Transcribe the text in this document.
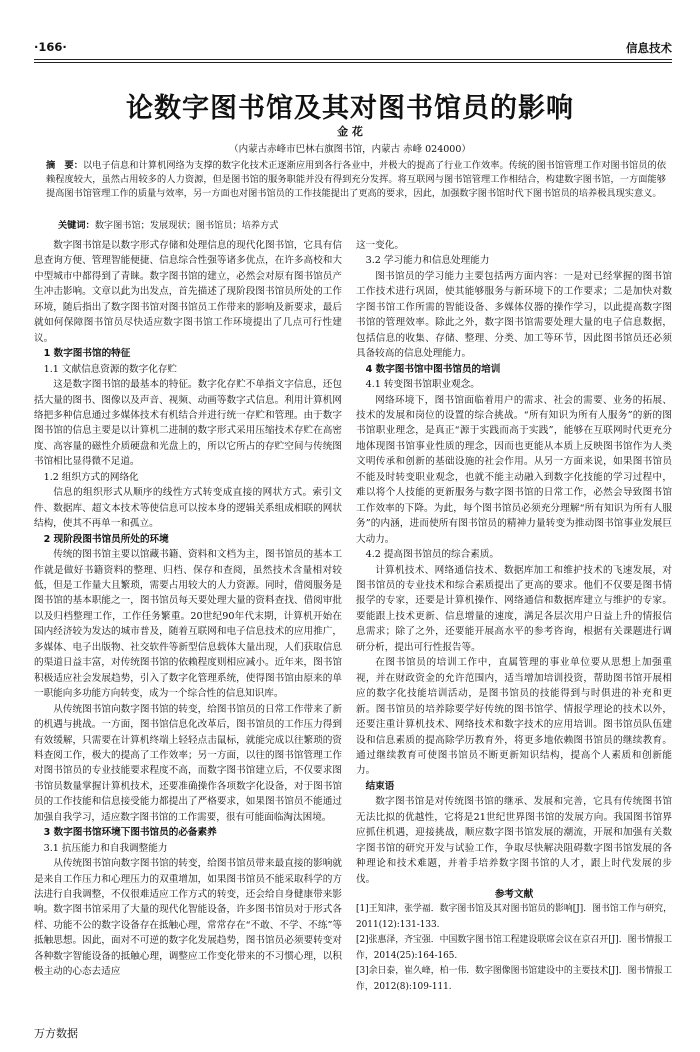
·166·	信息技术
论数字图书馆及其对图书馆员的影响
金 花
（内蒙古赤峰市巴林右旗图书馆，内蒙古 赤峰 024000）
摘　要：以电子信息和计算机网络为支撑的数字化技术正逐渐应用到各行各业中，并极大的提高了行业工作效率。传统的图书馆管理工作对图书馆员的依赖程度较大，虽然占用较多的人力资源，但是图书馆的服务职能并没有得到充分发挥。将互联网与图书馆管理工作相结合，构建数字图书馆，一方面能够提高图书馆管理工作的质量与效率，另一方面也对图书馆员的工作技能提出了更高的要求，因此，加强数字图书馆时代下图书馆员的培养极具现实意义。
关键词：数字图书馆；发展现状；图书馆员；培养方式

数字图书馆是以数字形式存储和处理信息的现代化图书馆，它具有信息查询方便、管理智能便捷、信息综合性强等诸多优点，在许多高校和大中型城市中都得到了青睐。数字图书馆的建立，必然会对原有图书馆员产生冲击影响。文章以此为出发点，首先描述了现阶段图书馆员所处的工作环境，随后指出了数字图书馆对图书馆员工作带来的影响及新要求，最后就如何保障图书馆员尽快适应数字图书馆工作环境提出了几点可行性建议。

1 数字图书馆的特征

1.1 文献信息资源的数字化存贮

这是数字图书馆的最基本的特征。数字化存贮不单指文字信息，还包括大量的图书、图像以及声音、视频、动画等数字式信息。利用计算机网络把多种信息通过多媒体技术有机结合并进行统一存贮和管理。由于数字图书馆的信息主要是以计算机二进制的数字形式采用压缩技术存贮在高密度、高容量的磁性介质硬盘和光盘上的，所以它所占的存贮空间与传统图书馆相比显得微不足道。

1.2 组织方式的网络化

信息的组织形式从顺序的线性方式转变成直接的网状方式。索引文件、数据库、超文本技术等使信息可以按本身的逻辑关系组成相联的网状结构，使其不再单一和孤立。

2 现阶段图书馆员所处的环境

传统的图书馆主要以馆藏书籍、资料和文档为主，图书馆员的基本工作就是做好书籍资料的整理、归档、保存和查阅，虽然技术含量相对较低，但是工作量大且繁琐，需要占用较大的人力资源。同时，借阅服务是图书馆的基本职能之一，图书馆员每天要处理大量的资料查找、借阅审批以及归档整理工作，工作任务繁重。20世纪90年代末期，计算机开始在国内经济较为发达的城市普及，随着互联网和电子信息技术的应用推广，多媒体、电子出版物、社交软件等新型信息载体大量出现，人们获取信息的渠道日益丰富，对传统图书馆的依赖程度则相应减小。近年来，图书馆积极适应社会发展趋势，引入了数字化管理系统，使得图书馆由原来的单一职能向多功能方向转变，成为一个综合性的信息知识库。

从传统图书馆向数字图书馆的转变，给图书馆员的日常工作带来了新的机遇与挑战。一方面，图书馆信息化改革后，图书馆员的工作压力得到有效缓解，只需要在计算机终端上轻轻点击鼠标，就能完成以往繁琐的资料查阅工作，极大的提高了工作效率；另一方面，以往的图书馆管理工作对图书馆员的专业技能要求程度不高，而数字图书馆建立后，不仅要求图书馆员数量掌握计算机技术，还要准确操作各项数字化设备，对于图书馆员的工作技能和信息接受能力都提出了严格要求，如果图书馆员不能通过加强自我学习，适应数字图书馆的工作需要，很有可能面临淘汰困境。

3 数字图书馆环境下图书馆员的必备素养

3.1 抗压能力和自我调整能力

从传统图书馆向数字图书馆的转变，给图书馆员带来最直接的影响就是来自工作压力和心理压力的双重增加，如果图书馆员不能采取科学的方法进行自我调整，不仅很难适应工作方式的转变，还会给自身健康带来影响。数字图书馆采用了大量的现代化智能设备，许多图书馆员对于形式各样、功能不公的数字设备存在抵触心理，常常存在“不敢、不学、不练”等抵触思想。因此，面对不可逆的数字化发展趋势，图书馆员必须要转变对各种数字智能设备的抵触心理，调整应工作变化带来的不习惯心理，以积极主动的心态去适应

这一变化。

3.2 学习能力和信息处理能力

图书馆员的学习能力主要包括两方面内容：一是对已经掌握的图书馆工作技术进行巩固，使其能够服务与新环境下的工作要求；二是加快对数字图书馆工作所需的智能设备、多媒体仪器的操作学习，以此提高数字图书馆的管理效率。除此之外，数字图书馆需要处理大量的电子信息数据，包括信息的收集、存储、整理、分类、加工等环节，因此图书馆员还必须具备较高的信息处理能力。

4 数字图书馆中图书馆员的培训

4.1 转变图书馆职业观念。

网络环境下，图书馆面临着用户的需求、社会的需要、业务的拓展、技术的发展和岗位的设置的综合挑战。“所有知识为所有人服务”的新的图书馆职业理念，是真正“源于实践而高于实践”，能够在互联网时代更充分地体现图书馆事业性质的理念，因而也更能从本质上反映图书馆作为人类文明传承和创新的基础设施的社会作用。从另一方面来说，如果图书馆员不能及时转变职业观念，也就不能主动融入到数字化技能的学习过程中，难以将个人技能的更新服务与数字图书馆的日常工作，必然会导致图书馆工作效率的下降。为此，每个图书馆员必须充分理解“所有知识为所有人服务”的内涵，进而使所有图书馆员的精神力量转变为推动图书馆事业发展巨大动力。

4.2 提高图书馆员的综合素质。

计算机技术、网络通信技术、数据库加工和维护技术的飞速发展，对图书馆员的专业技术和综合素质提出了更高的要求。他们不仅要是图书情报学的专家，还要是计算机操作、网络通信和数据库建立与维护的专家。要能跟上技术更新、信息增量的速度，满足各层次用户日益上升的情报信息需求；除了之外，还要能开展高水平的参考咨询，根据有关课题进行调研分析，提出可行性报告等。

在图书馆员的培训工作中，直属管理的事业单位要从思想上加强重视，并在财政资金的允许范围内，适当增加培训投资，帮助图书馆开展相应的数字化技能培训活动，是图书馆员的技能得到与时俱进的补充和更新。图书馆员的培养除要学好传统的图书馆学、情报学理论的技术以外，还要注重计算机技术、网络技术和数字技术的应用培训。图书馆员队伍建设和信息素质的提高除学历教育外，将更多地依赖图书馆员的继续教育。通过继续教育可使图书馆员不断更新知识结构，提高个人素质和创新能力。

结束语

数字图书馆是对传统图书馆的继承、发展和完善，它具有传统图书馆无法比拟的优越性，它将是21世纪世界图书馆的发展方向。我国图书馆界应抓住机遇，迎接挑战，顺应数字图书馆发展的潮流，开展和加强有关数字图书馆的研究开发与试验工作，争取尽快解决阻碍数字图书馆发展的各种理论和技术难题，并着手培养数字图书馆的人才，跟上时代发展的步伐。

参考文献

[1]王知津，张学福．数字图书馆及其对图书馆员的影响[J]．图书馆工作与研究，2011(12):131-133.

[2]张惠泽，齐宝强．中国数字图书馆工程建设联席会议在京召开[J]．图书情报工作，2014(25):164-165.

[3]余日泰，崔久峰，柏一伟．数字图像图书馆建设中的主要技术[J]．图书情报工作，2012(8):109-111.

万方数据
